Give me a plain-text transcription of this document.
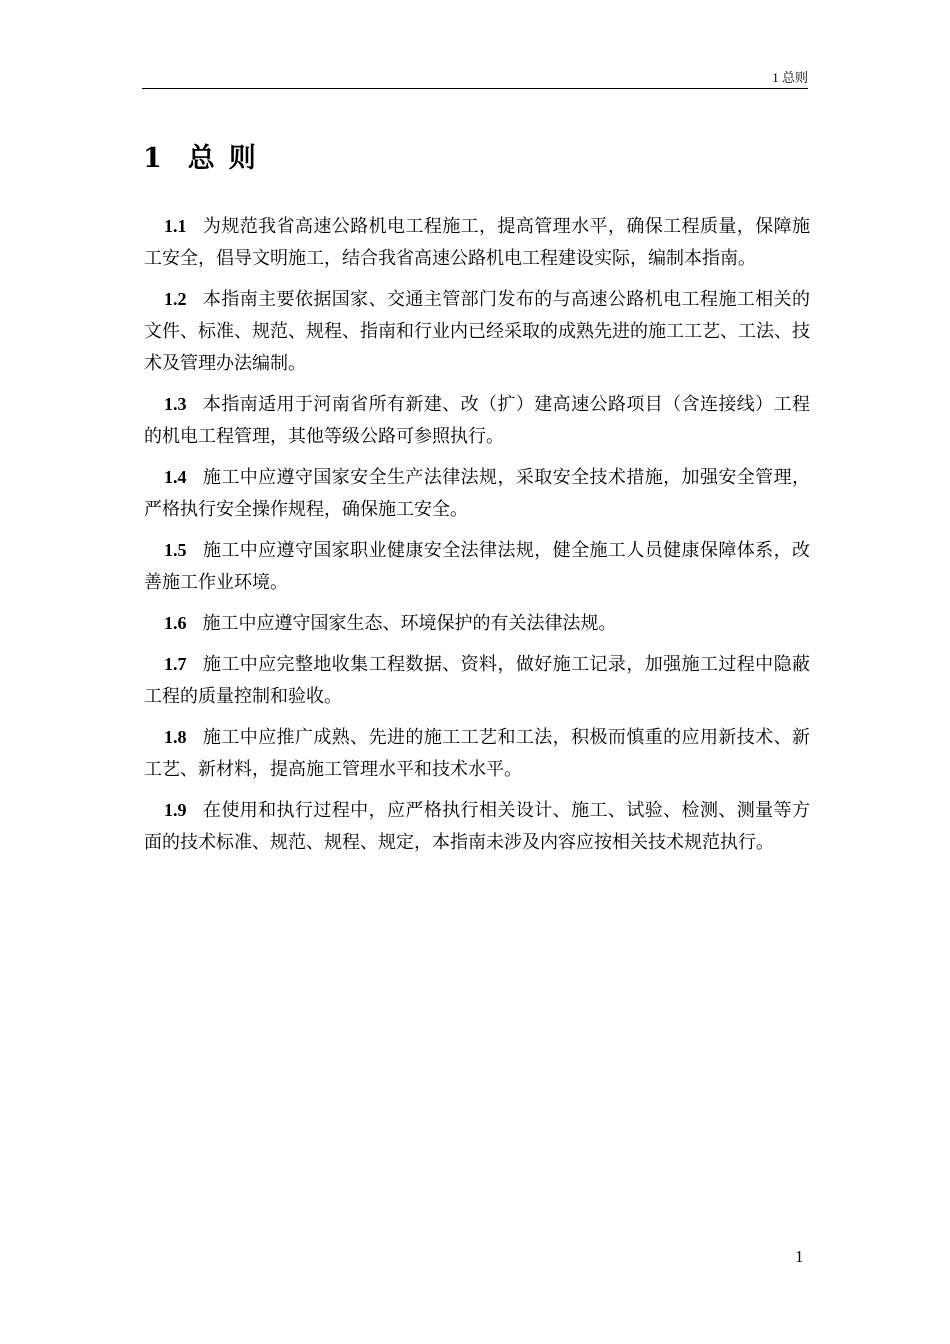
1 总则
1 总则

1.1 为规范我省高速公路机电工程施工，提高管理水平，确保工程质量，保障施工安全，倡导文明施工，结合我省高速公路机电工程建设实际，编制本指南。

1.2 本指南主要依据国家、交通主管部门发布的与高速公路机电工程施工相关的文件、标准、规范、规程、指南和行业内已经采取的成熟先进的施工工艺、工法、技术及管理办法编制。

1.3 本指南适用于河南省所有新建、改（扩）建高速公路项目（含连接线）工程的机电工程管理，其他等级公路可参照执行。

1.4 施工中应遵守国家安全生产法律法规，采取安全技术措施，加强安全管理，严格执行安全操作规程，确保施工安全。

1.5 施工中应遵守国家职业健康安全法律法规，健全施工人员健康保障体系，改善施工作业环境。

1.6 施工中应遵守国家生态、环境保护的有关法律法规。

1.7 施工中应完整地收集工程数据、资料，做好施工记录，加强施工过程中隐蔽工程的质量控制和验收。

1.8 施工中应推广成熟、先进的施工工艺和工法，积极而慎重的应用新技术、新工艺、新材料，提高施工管理水平和技术水平。

1.9 在使用和执行过程中，应严格执行相关设计、施工、试验、检测、测量等方面的技术标准、规范、规程、规定，本指南未涉及内容应按相关技术规范执行。

1
